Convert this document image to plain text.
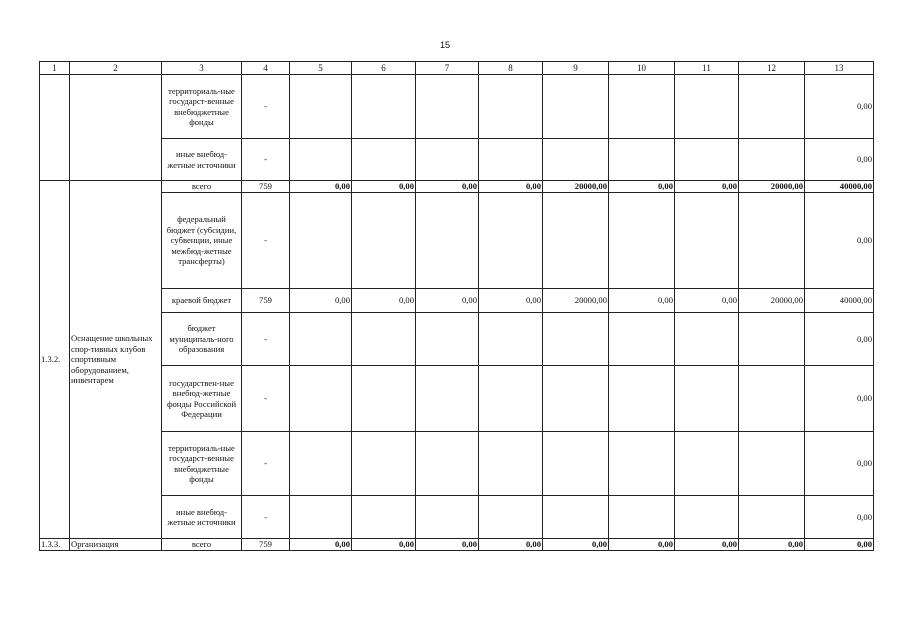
15
1	2	3	4	5	6	7	8	9	10	11	12	13
		территориаль-ные государст-венные внебюджетные фонды	-									0,00
		иные внебюд-жетные источники	-									0,00
1.3.2.	Оснащение школьных спор-тивных клубов спортивным оборудованием, инвентарем	всего	759	0,00	0,00	0,00	0,00	20000,00	0,00	0,00	20000,00	40000,00
		федеральный бюджет (субсидии, субвенции, иные межбюд-жетные трансферты)	-									0,00
		краевой бюджет	759	0,00	0,00	0,00	0,00	20000,00	0,00	0,00	20000,00	40000,00
		бюджет муниципаль-ного образования	-									0,00
		государствен-ные внебюд-жетные фонды Российской Федерации	-									0,00
		территориаль-ные государст-венные внебюджетные фонды	-									0,00
		иные внебюд-жетные источники	-									0,00
1.3.3.	Организация	всего	759	0,00	0,00	0,00	0,00	0,00	0,00	0,00	0,00	0,00
